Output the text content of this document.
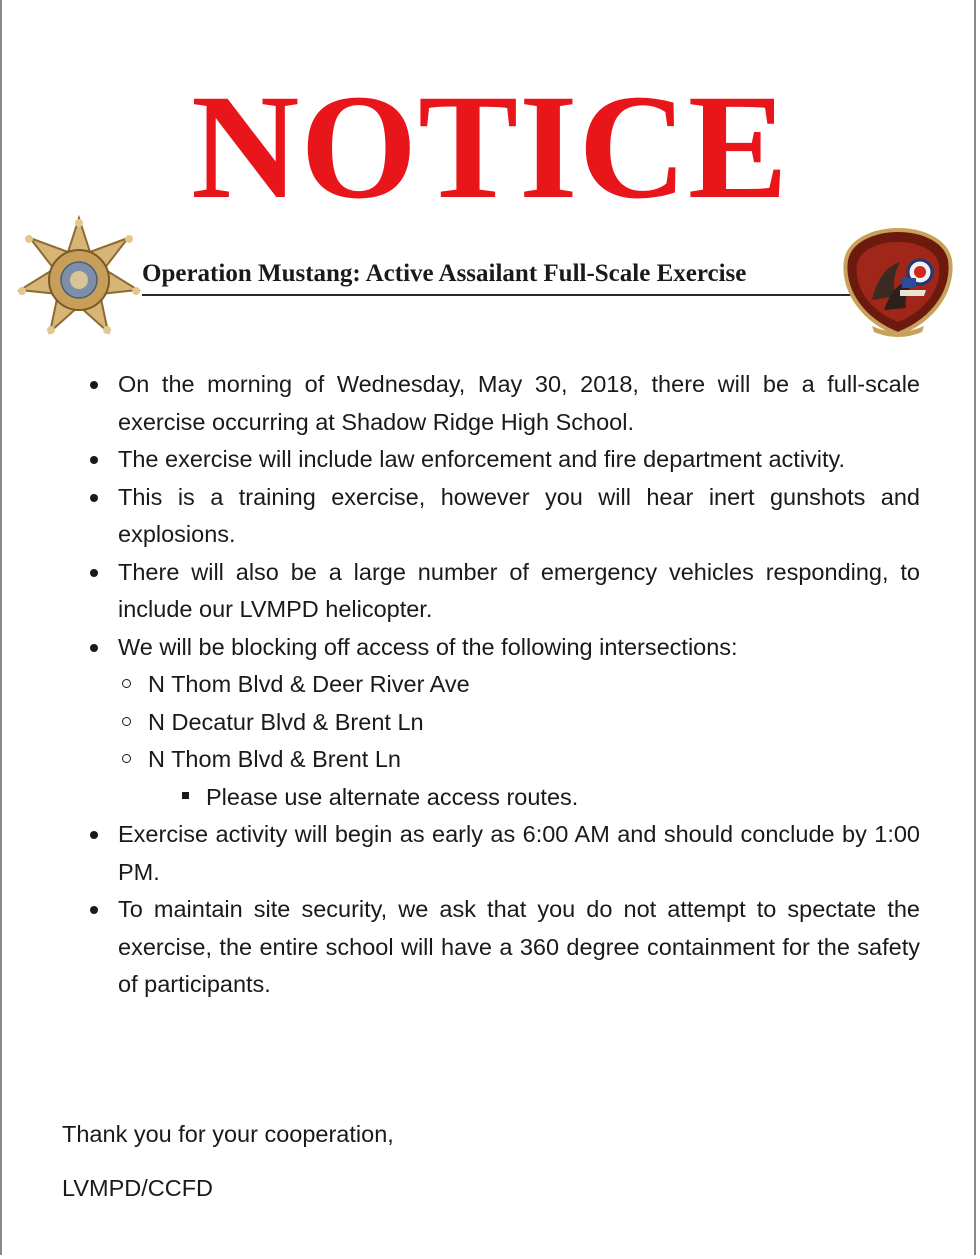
NOTICE
Operation Mustang: Active Assailant Full-Scale Exercise
On the morning of Wednesday, May 30, 2018, there will be a full-scale exercise occurring at Shadow Ridge High School.
The exercise will include law enforcement and fire department activity.
This is a training exercise, however you will hear inert gunshots and explosions.
There will also be a large number of emergency vehicles responding, to include our LVMPD helicopter.
We will be blocking off access of the following intersections:
N Thom Blvd & Deer River Ave
N Decatur Blvd & Brent Ln
N Thom Blvd & Brent Ln
Please use alternate access routes.
Exercise activity will begin as early as 6:00 AM and should conclude by 1:00 PM.
To maintain site security, we ask that you do not attempt to spectate the exercise, the entire school will have a 360 degree containment for the safety of participants.
Thank you for your cooperation,
LVMPD/CCFD
